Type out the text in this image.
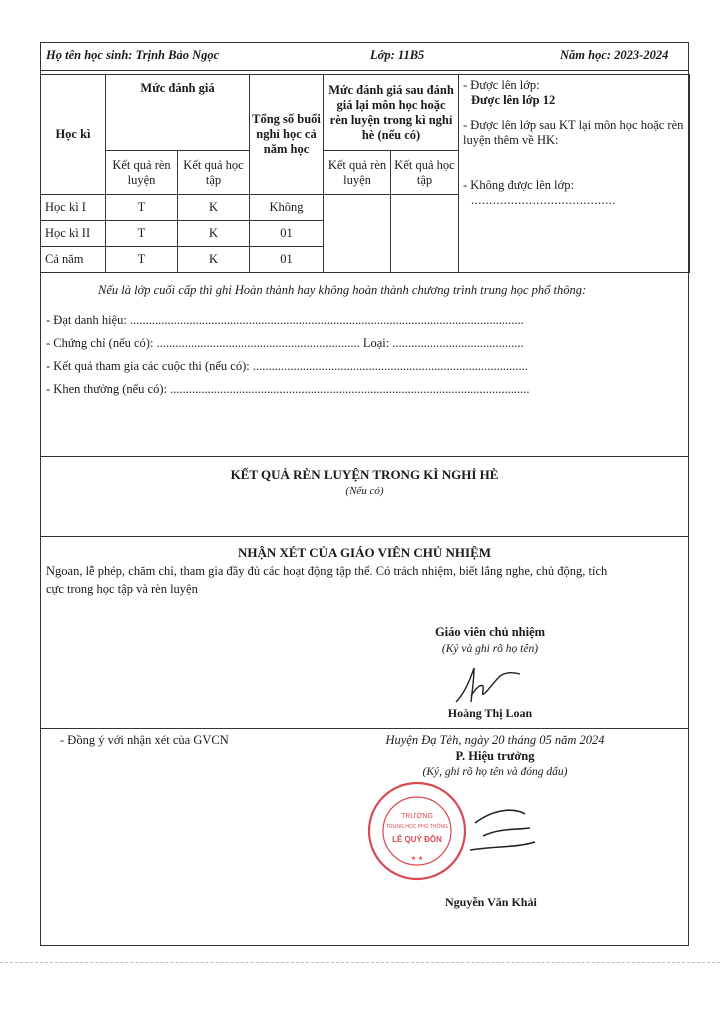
Họ tên học sinh: Trịnh Bảo Ngọc	Lớp: 11B5	Năm học: 2023-2024
Học kì	Mức đánh giá		Tổng số buổi nghỉ học cả năm học	Mức đánh giá sau đánh giá lại môn học hoặc rèn luyện trong kì nghỉ hè (nếu có)		- Được lên lớp:

Được lên lớp 12

- Được lên lớp sau KT lại môn học hoặc rèn luyện thêm về HK:

- Không được lên lớp:

........................................

	Kết quả rèn luyện	Kết quả học tập		Kết quả rèn luyện	Kết quả học tập	
Học kì I	T	K	Không			
Học kì II	T	K	01			
Cả năm	T	K	01			
Nếu là lớp cuối cấp thì ghi Hoàn thành hay không hoàn thành chương trình trung học phổ thông:
- Đạt danh hiệu: ..............................................................................................................................
- Chứng chỉ (nếu có): ................................................................. Loại: ..........................................
- Kết quả tham gia các cuộc thi (nếu có): ........................................................................................
- Khen thưởng (nếu có): ...................................................................................................................
KẾT QUẢ RÈN LUYỆN TRONG KÌ NGHỈ HÈ
(Nếu có)
NHẬN XÉT CỦA GIÁO VIÊN CHỦ NHIỆM
Ngoan, lễ phép, chăm chỉ, tham gia đầy đủ các hoạt động tập thể. Có trách nhiệm, biết lắng nghe, chủ động, tích
cực trong học tập và rèn luyện
Giáo viên chủ nhiệm
(Ký và ghi rõ họ tên)
Hoàng Thị Loan
- Đồng ý với nhận xét của GVCN	Huyện Đạ Tẻh, ngày 20 tháng 05 năm 2024
P. Hiệu trưởng
(Ký, ghi rõ họ tên và đóng dấu)
TRƯỜNG
TRUNG HỌC PHỔ THÔNG
LÊ QUÝ ĐÔN
★ ★
Nguyễn Văn Khải
